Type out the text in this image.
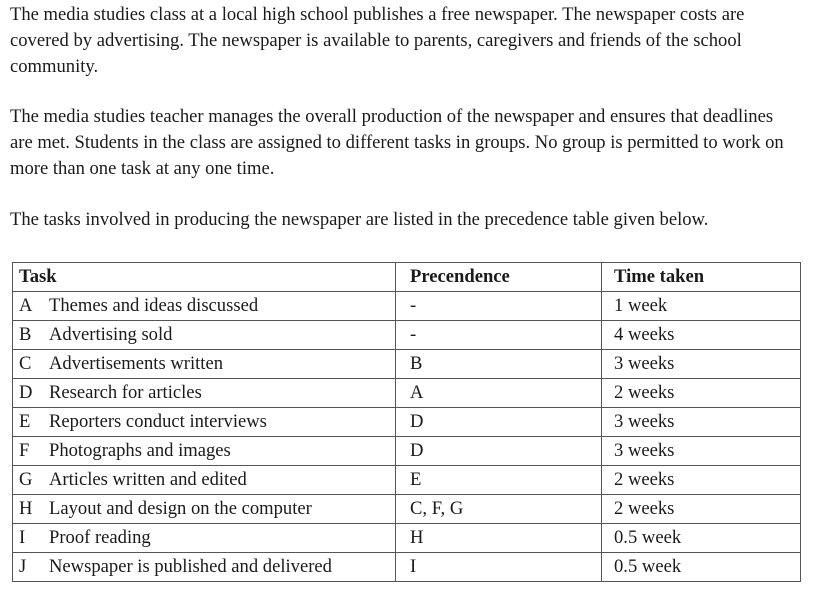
The media studies class at a local high school publishes a free newspaper. The newspaper costs are covered by advertising. The newspaper is available to parents, caregivers and friends of the school community.

The media studies teacher manages the overall production of the newspaper and ensures that deadlines are met. Students in the class are assigned to different tasks in groups. No group is permitted to work on more than one task at any one time.

The tasks involved in producing the newspaper are listed in the precedence table given below.

Task	Precendence	Time taken
A Themes and ideas discussed	-	1 week
B Advertising sold	-	4 weeks
C Advertisements written	B	3 weeks
D Research for articles	A	2 weeks
E Reporters conduct interviews	D	3 weeks
F Photographs and images	D	3 weeks
G Articles written and edited	E	2 weeks
H Layout and design on the computer	C, F, G	2 weeks
I Proof reading	H	0.5 week
J Newspaper is published and delivered	I	0.5 week
